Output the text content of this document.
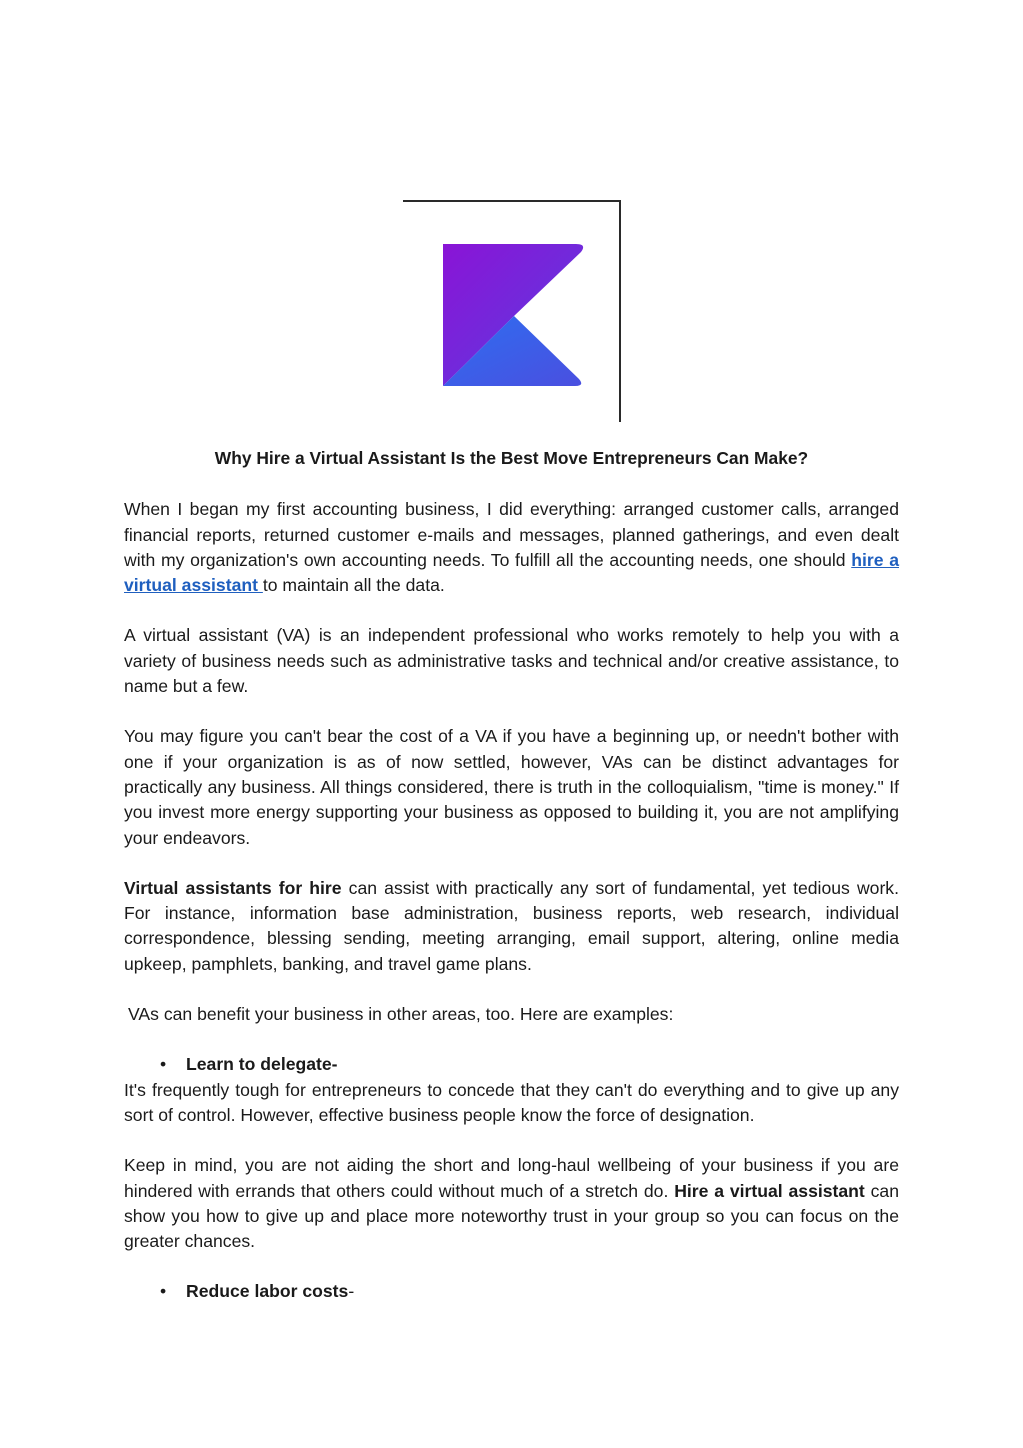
Why Hire a Virtual Assistant Is the Best Move Entrepreneurs Can Make?

When I began my first accounting business, I did everything: arranged customer calls, arranged financial reports, returned customer e-mails and messages, planned gatherings, and even dealt with my organization's own accounting needs. To fulfill all the accounting needs, one should hire a virtual assistant to maintain all the data.

A virtual assistant (VA) is an independent professional who works remotely to help you with a variety of business needs such as administrative tasks and technical and/or creative assistance, to name but a few.

You may figure you can't bear the cost of a VA if you have a beginning up, or needn't bother with one if your organization is as of now settled, however, VAs can be distinct advantages for practically any business. All things considered, there is truth in the colloquialism, "time is money." If you invest more energy supporting your business as opposed to building it, you are not amplifying your endeavors.

Virtual assistants for hire can assist with practically any sort of fundamental, yet tedious work. For instance, information base administration, business reports, web research, individual correspondence, blessing sending, meeting arranging, email support, altering, online media upkeep, pamphlets, banking, and travel game plans.

VAs can benefit your business in other areas, too. Here are examples:

• Learn to delegate-

It's frequently tough for entrepreneurs to concede that they can't do everything and to give up any sort of control. However, effective business people know the force of designation.

Keep in mind, you are not aiding the short and long-haul wellbeing of your business if you are hindered with errands that others could without much of a stretch do. Hire a virtual assistant can show you how to give up and place more noteworthy trust in your group so you can focus on the greater chances.

• Reduce labor costs-
